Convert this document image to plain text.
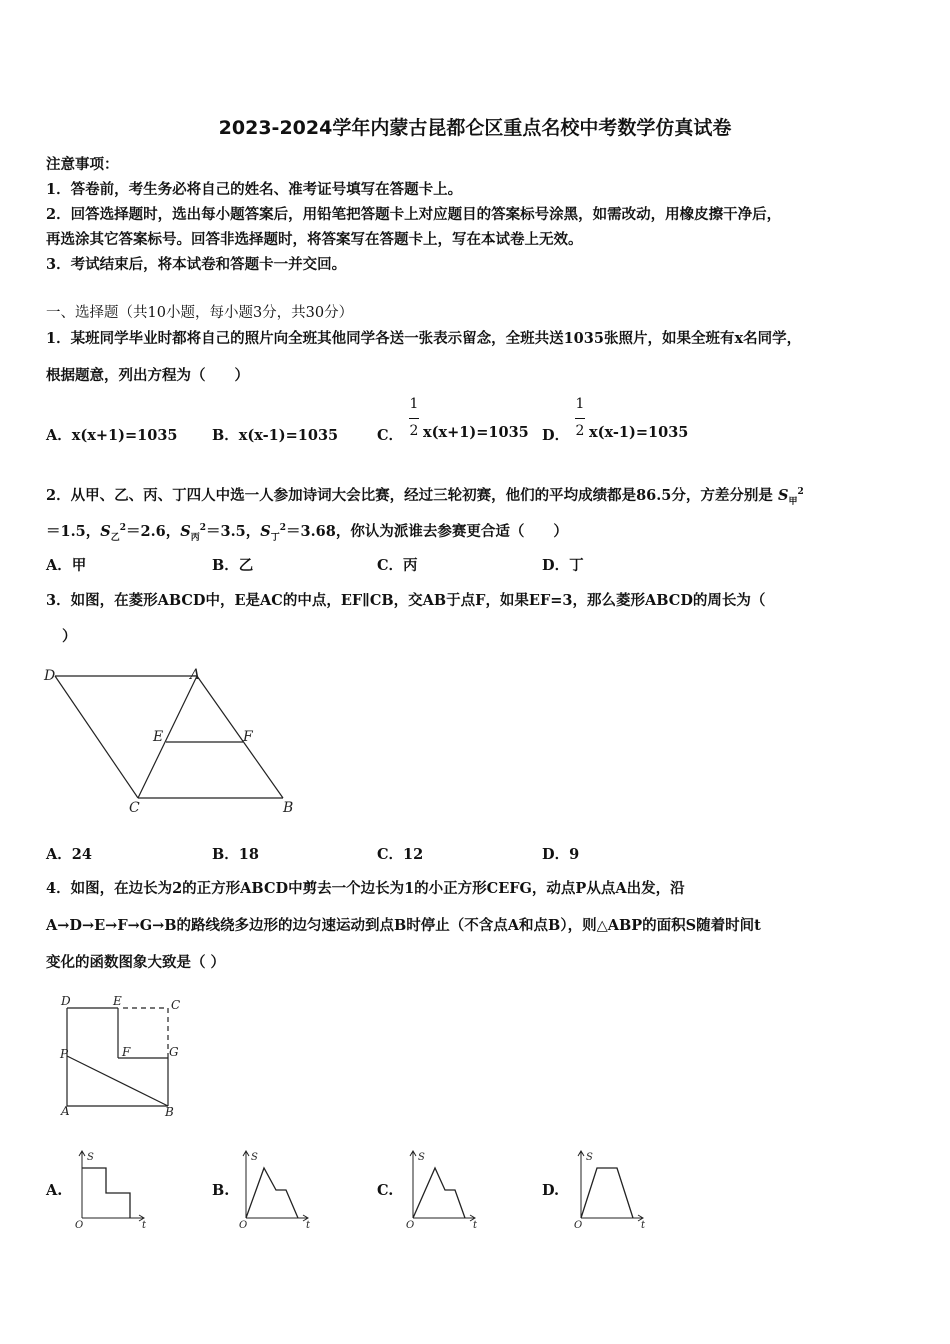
2023-2024学年内蒙古昆都仑区重点名校中考数学仿真试卷
注意事项：
1．答卷前，考生务必将自己的姓名、准考证号填写在答题卡上。
2．回答选择题时，选出每小题答案后，用铅笔把答题卡上对应题目的答案标号涂黑，如需改动，用橡皮擦干净后，
再选涂其它答案标号。回答非选择题时，将答案写在答题卡上，写在本试卷上无效。
3．考试结束后，将本试卷和答题卡一并交回。
一、选择题（共10小题，每小题3分，共30分）
1．某班同学毕业时都将自己的照片向全班其他同学各送一张表示留念，全班共送1035张照片，如果全班有x名同学，
根据题意，列出方程为（　　）
A．x(x+1)=1035 B．x(x-1)=1035	C．
1
2 x(x+1)=1035 D．
1
2 x(x-1)=1035
2．从甲、乙、丙、丁四人中选一人参加诗词大会比赛，经过三轮初赛，他们的平均成绩都是86.5分，方差分别是 $S_甲^2$
＝1.5，$S_乙^2=2.6$，$S_丙^2=3.5$，$S_丁^2=3.68$，你认为派谁去参赛更合适（　　）
A．甲	B．乙	C．丙	D．丁
3．如图，在菱形ABCD中，E是AC的中点，EF∥CB，交AB于点F，如果EF=3，那么菱形ABCD的周长为（
）
D	A
E	F
C	B
A．24	B．18	C．12	D．9
4．如图，在边长为2的正方形ABCD中剪去一个边长为1的小正方形CEFG，动点P从点A出发，沿
A→D→E→F→G→B的路线绕多边形的边匀速运动到点B时停止（不含点A和点B），则△ABP的面积S随着时间t
变化的函数图象大致是（ ）
D	E	C
P	F	G
A	B
A.
S
t
O
B.
S
t
O
C.
S
t
O
D.
S
t
O
